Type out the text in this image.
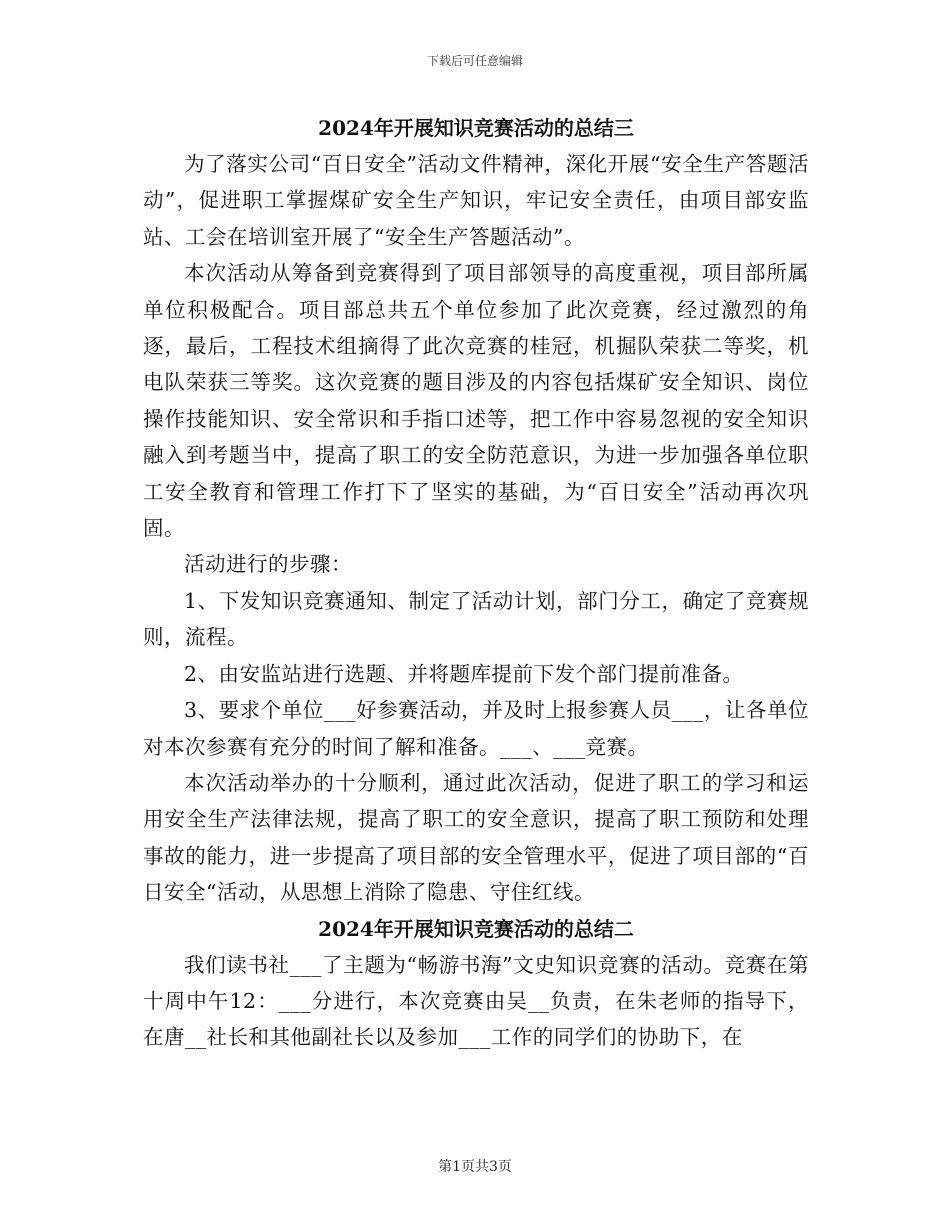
下载后可任意编辑
2024年开展知识竞赛活动的总结三

为了落实公司“百日安全”活动文件精神，深化开展“安全生产答题活动”，促进职工掌握煤矿安全生产知识，牢记安全责任，由项目部安监站、工会在培训室开展了“安全生产答题活动”。

本次活动从筹备到竞赛得到了项目部领导的高度重视，项目部所属单位积极配合。项目部总共五个单位参加了此次竞赛，经过激烈的角逐，最后，工程技术组摘得了此次竞赛的桂冠，机掘队荣获二等奖，机电队荣获三等奖。这次竞赛的题目涉及的内容包括煤矿安全知识、岗位操作技能知识、安全常识和手指口述等，把工作中容易忽视的安全知识融入到考题当中，提高了职工的安全防范意识，为进一步加强各单位职工安全教育和管理工作打下了坚实的基础，为“百日安全”活动再次巩固。

活动进行的步骤：

1、下发知识竞赛通知、制定了活动计划，部门分工，确定了竞赛规则，流程。

2、由安监站进行选题、并将题库提前下发个部门提前准备。

3、要求个单位___好参赛活动，并及时上报参赛人员___，让各单位对本次参赛有充分的时间了解和准备。___、___竞赛。

本次活动举办的十分顺利，通过此次活动，促进了职工的学习和运用安全生产法律法规，提高了职工的安全意识，提高了职工预防和处理事故的能力，进一步提高了项目部的安全管理水平，促进了项目部的“百日安全“活动，从思想上消除了隐患、守住红线。

2024年开展知识竞赛活动的总结二

我们读书社___了主题为“畅游书海”文史知识竞赛的活动。竞赛在第十周中午12：___分进行，本次竞赛由吴__负责，在朱老师的指导下，在唐__社长和其他副社长以及参加___工作的同学们的协助下，在

第1页共3页
